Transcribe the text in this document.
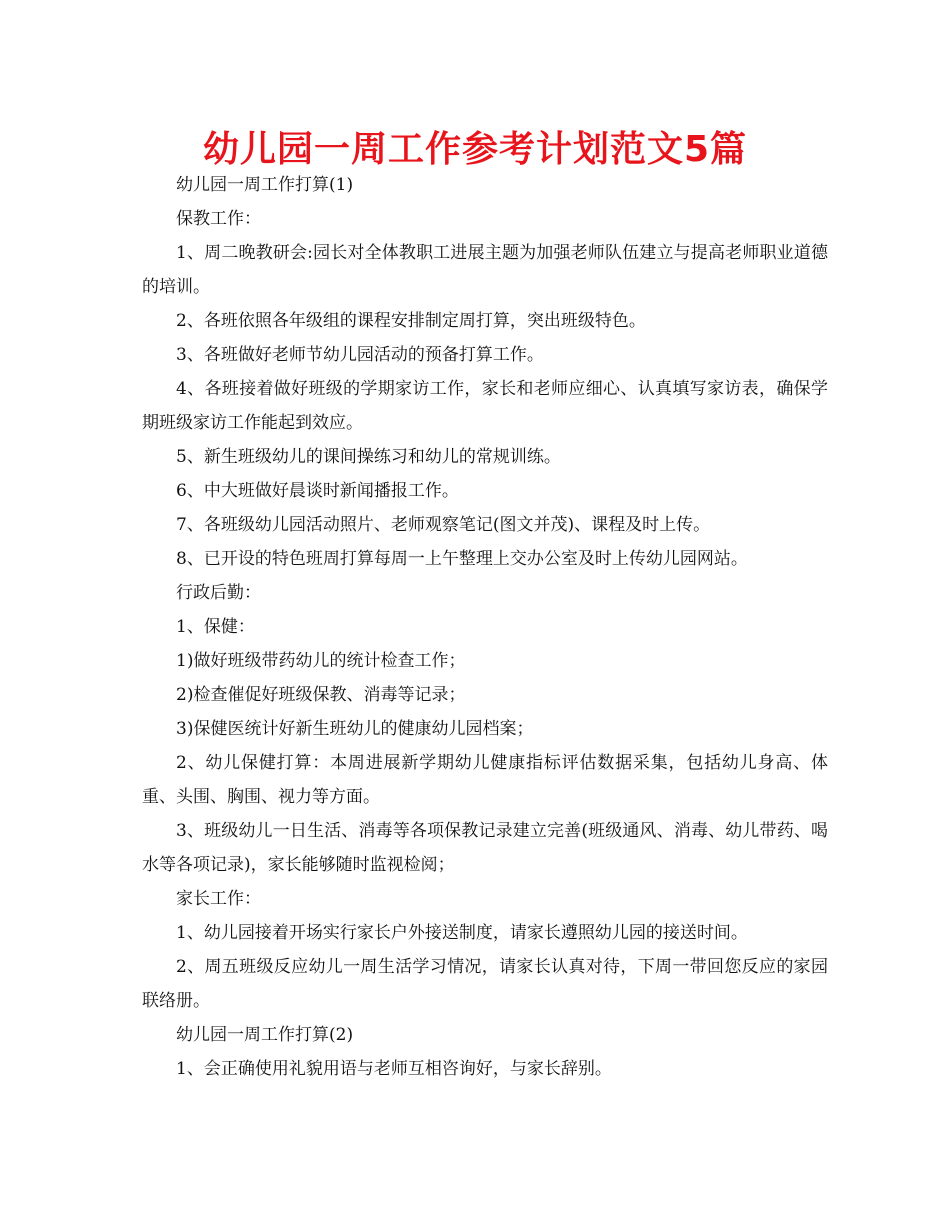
幼儿园一周工作参考计划范文5篇

幼儿园一周工作打算(1)

保教工作：

1、周二晚教研会:园长对全体教职工进展主题为加强老师队伍建立与提高老师职业道德的培训。

2、各班依照各年级组的课程安排制定周打算，突出班级特色。

3、各班做好老师节幼儿园活动的预备打算工作。

4、各班接着做好班级的学期家访工作，家长和老师应细心、认真填写家访表，确保学期班级家访工作能起到效应。

5、新生班级幼儿的课间操练习和幼儿的常规训练。

6、中大班做好晨谈时新闻播报工作。

7、各班级幼儿园活动照片、老师观察笔记(图文并茂)、课程及时上传。

8、已开设的特色班周打算每周一上午整理上交办公室及时上传幼儿园网站。

行政后勤：

1、保健：

1)做好班级带药幼儿的统计检查工作；

2)检查催促好班级保教、消毒等记录；

3)保健医统计好新生班幼儿的健康幼儿园档案；

2、幼儿保健打算：本周进展新学期幼儿健康指标评估数据采集，包括幼儿身高、体重、头围、胸围、视力等方面。

3、班级幼儿一日生活、消毒等各项保教记录建立完善(班级通风、消毒、幼儿带药、喝水等各项记录)，家长能够随时监视检阅；

家长工作：

1、幼儿园接着开场实行家长户外接送制度，请家长遵照幼儿园的接送时间。

2、周五班级反应幼儿一周生活学习情况，请家长认真对待，下周一带回您反应的家园联络册。

幼儿园一周工作打算(2)

1、会正确使用礼貌用语与老师互相咨询好，与家长辞别。
